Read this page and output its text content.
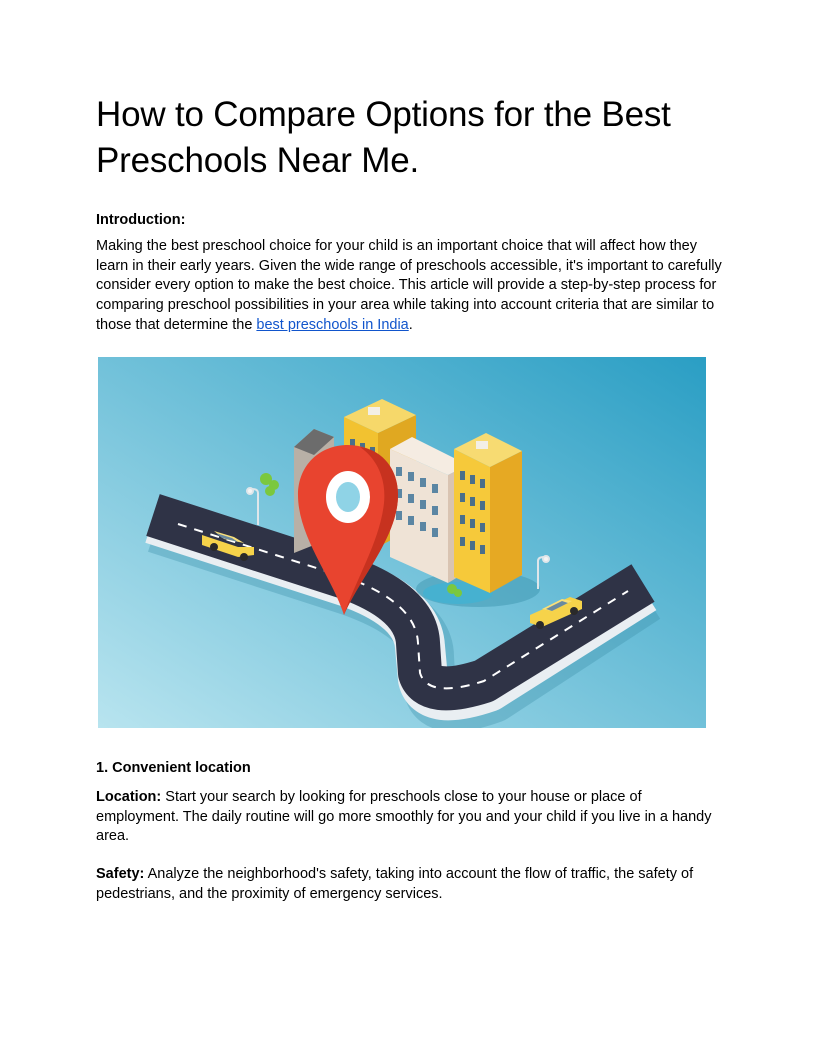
How to Compare Options for the Best Preschools Near Me.

Introduction:

Making the best preschool choice for your child is an important choice that will affect how they learn in their early years. Given the wide range of preschools accessible, it's important to carefully consider every option to make the best choice. This article will provide a step-by-step process for comparing preschool possibilities in your area while taking into account criteria that are similar to those that determine the best preschools in India.

1. Convenient location

Location: Start your search by looking for preschools close to your house or place of employment. The daily routine will go more smoothly for you and your child if you live in a handy area.

Safety: Analyze the neighborhood's safety, taking into account the flow of traffic, the safety of pedestrians, and the proximity of emergency services.
